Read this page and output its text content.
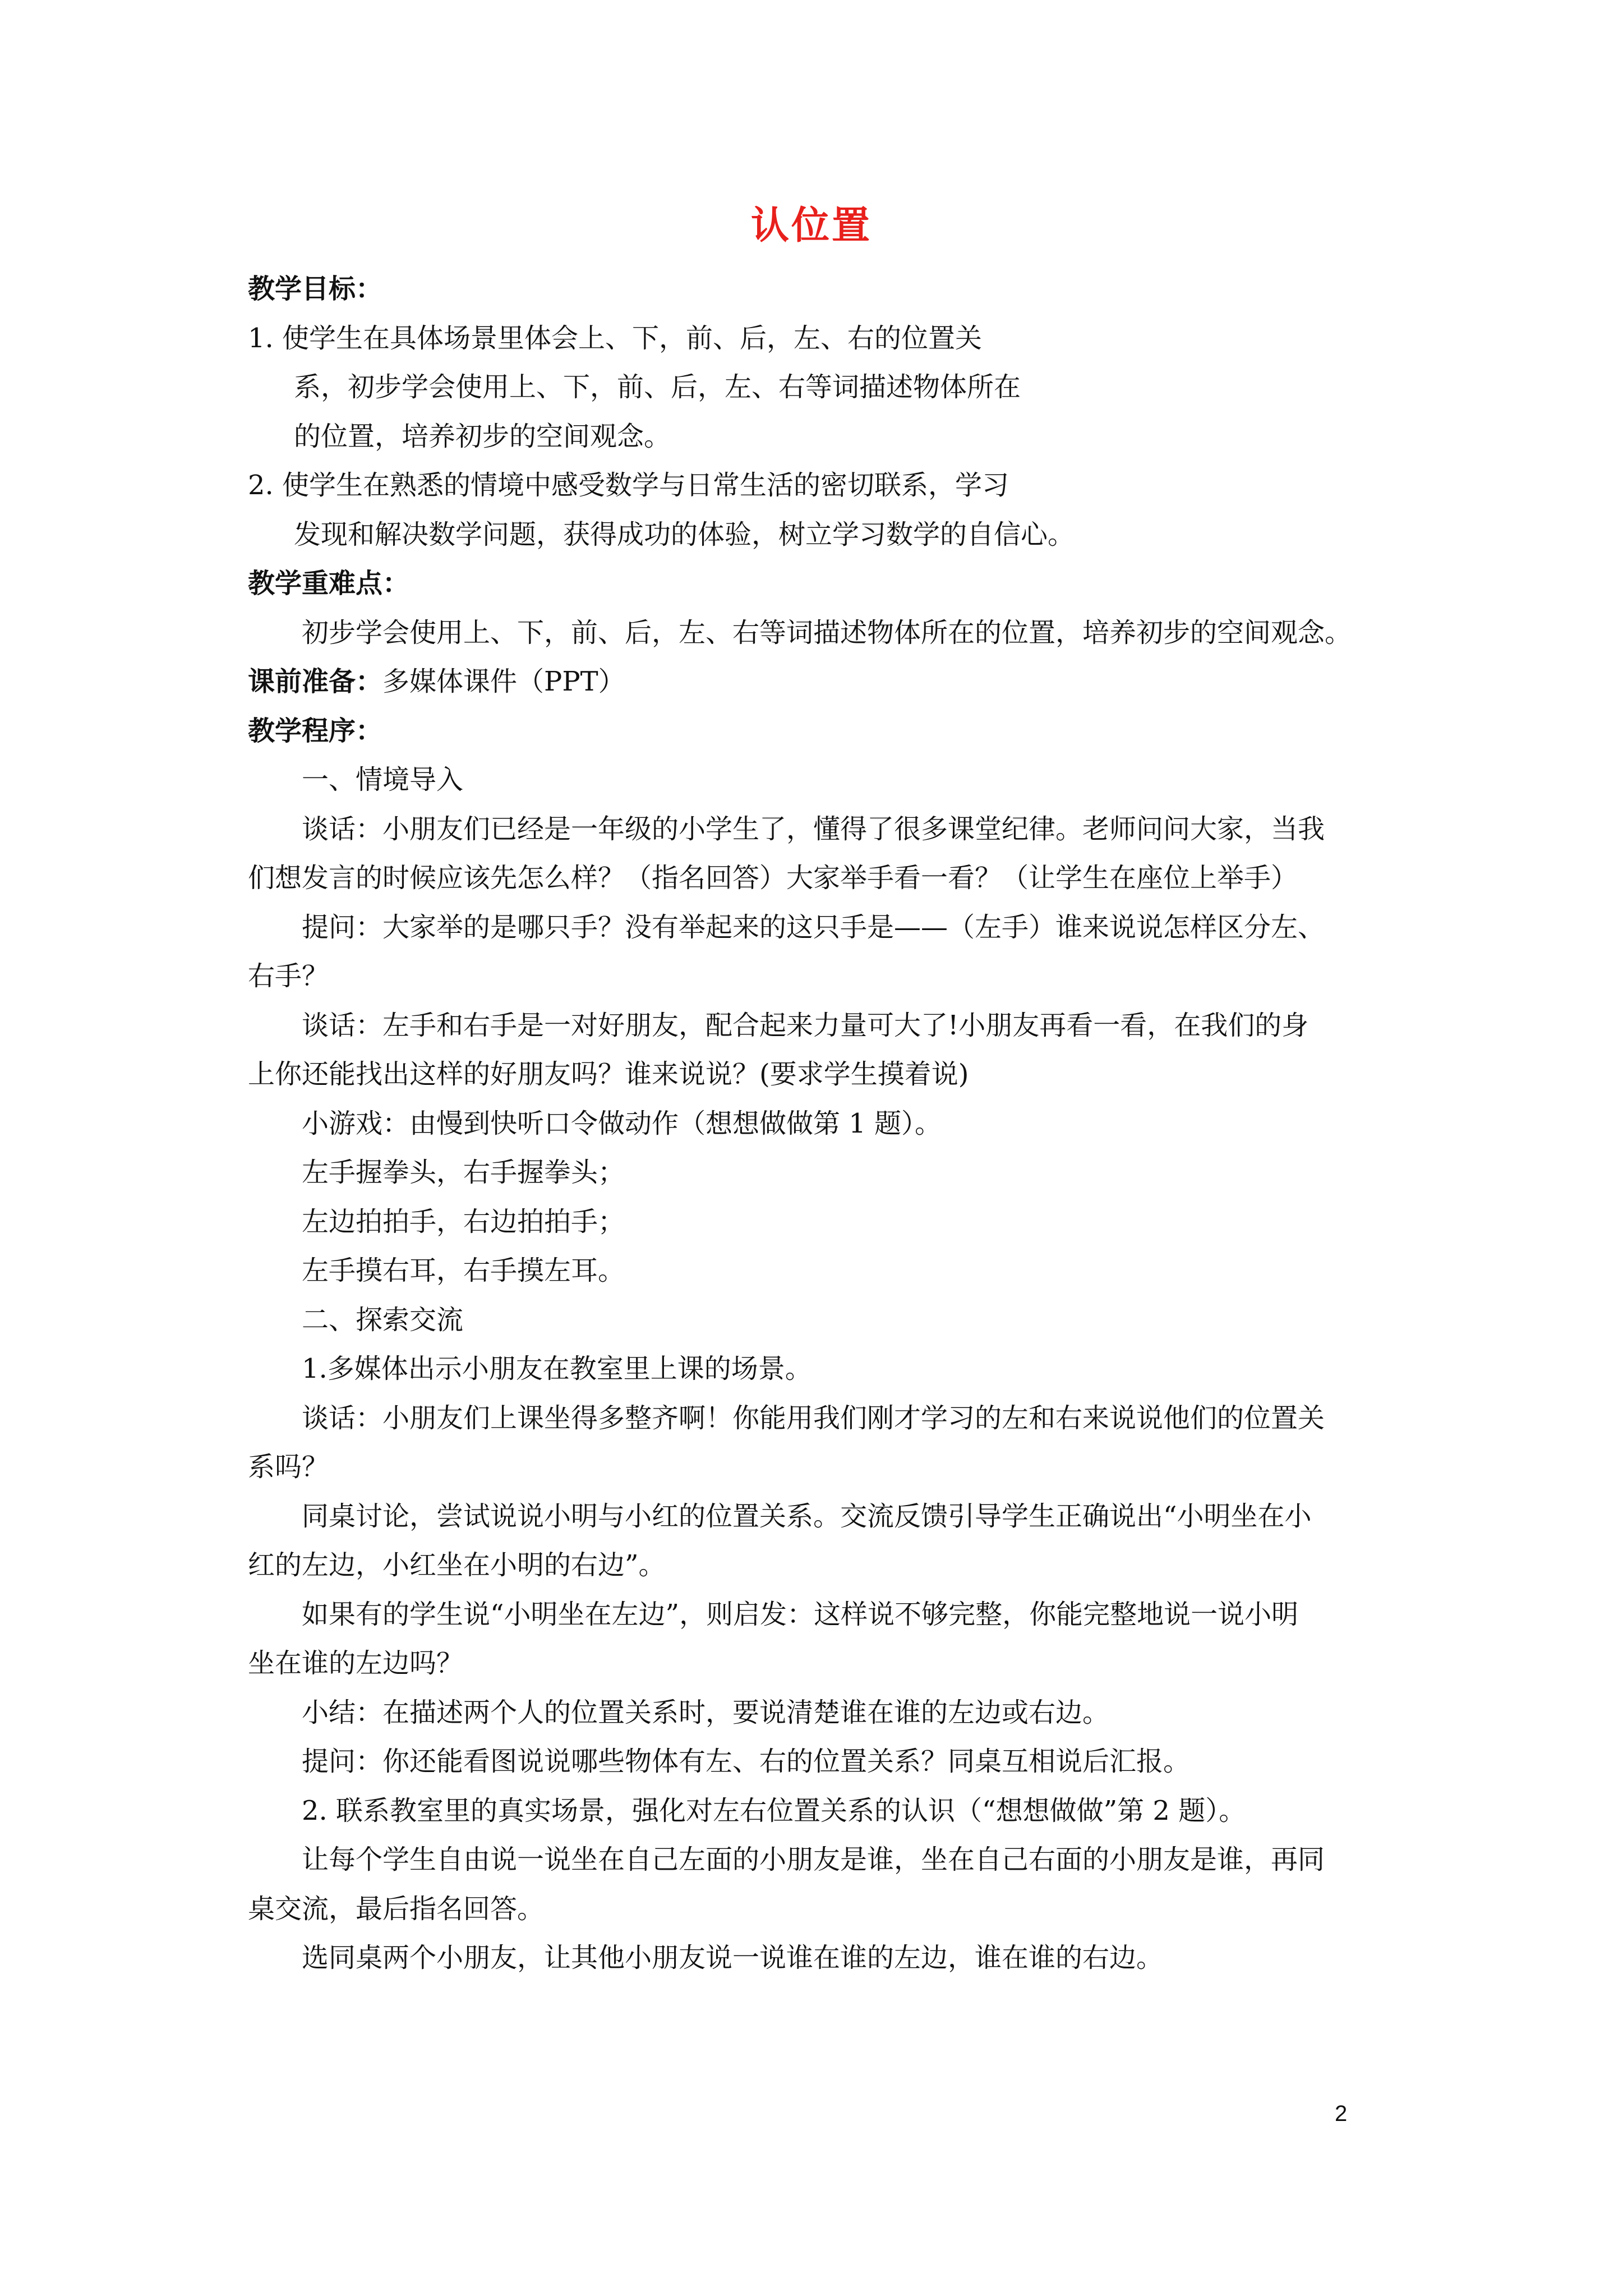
认位置
教学目标：
1. 使学生在具体场景里体会上、下，前、后，左、右的位置关
系，初步学会使用上、下，前、后，左、右等词描述物体所在
的位置，培养初步的空间观念。
2. 使学生在熟悉的情境中感受数学与日常生活的密切联系，学习
发现和解决数学问题，获得成功的体验，树立学习数学的自信心。
教学重难点：
初步学会使用上、下，前、后，左、右等词描述物体所在的位置，培养初步的空间观念。
课前准备：多媒体课件（PPT）
教学程序：
一、情境导入
谈话：小朋友们已经是一年级的小学生了，懂得了很多课堂纪律。老师问问大家，当我
们想发言的时候应该先怎么样？（指名回答）大家举手看一看？（让学生在座位上举手）
提问：大家举的是哪只手？没有举起来的这只手是——（左手）谁来说说怎样区分左、
右手？
谈话：左手和右手是一对好朋友，配合起来力量可大了!小朋友再看一看，在我们的身
上你还能找出这样的好朋友吗？谁来说说？(要求学生摸着说)
小游戏：由慢到快听口令做动作（想想做做第 1 题）。
左手握拳头，右手握拳头；
左边拍拍手，右边拍拍手；
左手摸右耳，右手摸左耳。
二、探索交流
1.多媒体出示小朋友在教室里上课的场景。
谈话：小朋友们上课坐得多整齐啊！你能用我们刚才学习的左和右来说说他们的位置关
系吗？
同桌讨论，尝试说说小明与小红的位置关系。交流反馈引导学生正确说出“小明坐在小
红的左边，小红坐在小明的右边”。
如果有的学生说“小明坐在左边”，则启发：这样说不够完整，你能完整地说一说小明
坐在谁的左边吗？
小结：在描述两个人的位置关系时，要说清楚谁在谁的左边或右边。
提问：你还能看图说说哪些物体有左、右的位置关系？同桌互相说后汇报。
2. 联系教室里的真实场景，强化对左右位置关系的认识（“想想做做”第 2 题）。
让每个学生自由说一说坐在自己左面的小朋友是谁，坐在自己右面的小朋友是谁，再同
桌交流，最后指名回答。
选同桌两个小朋友，让其他小朋友说一说谁在谁的左边，谁在谁的右边。
2
